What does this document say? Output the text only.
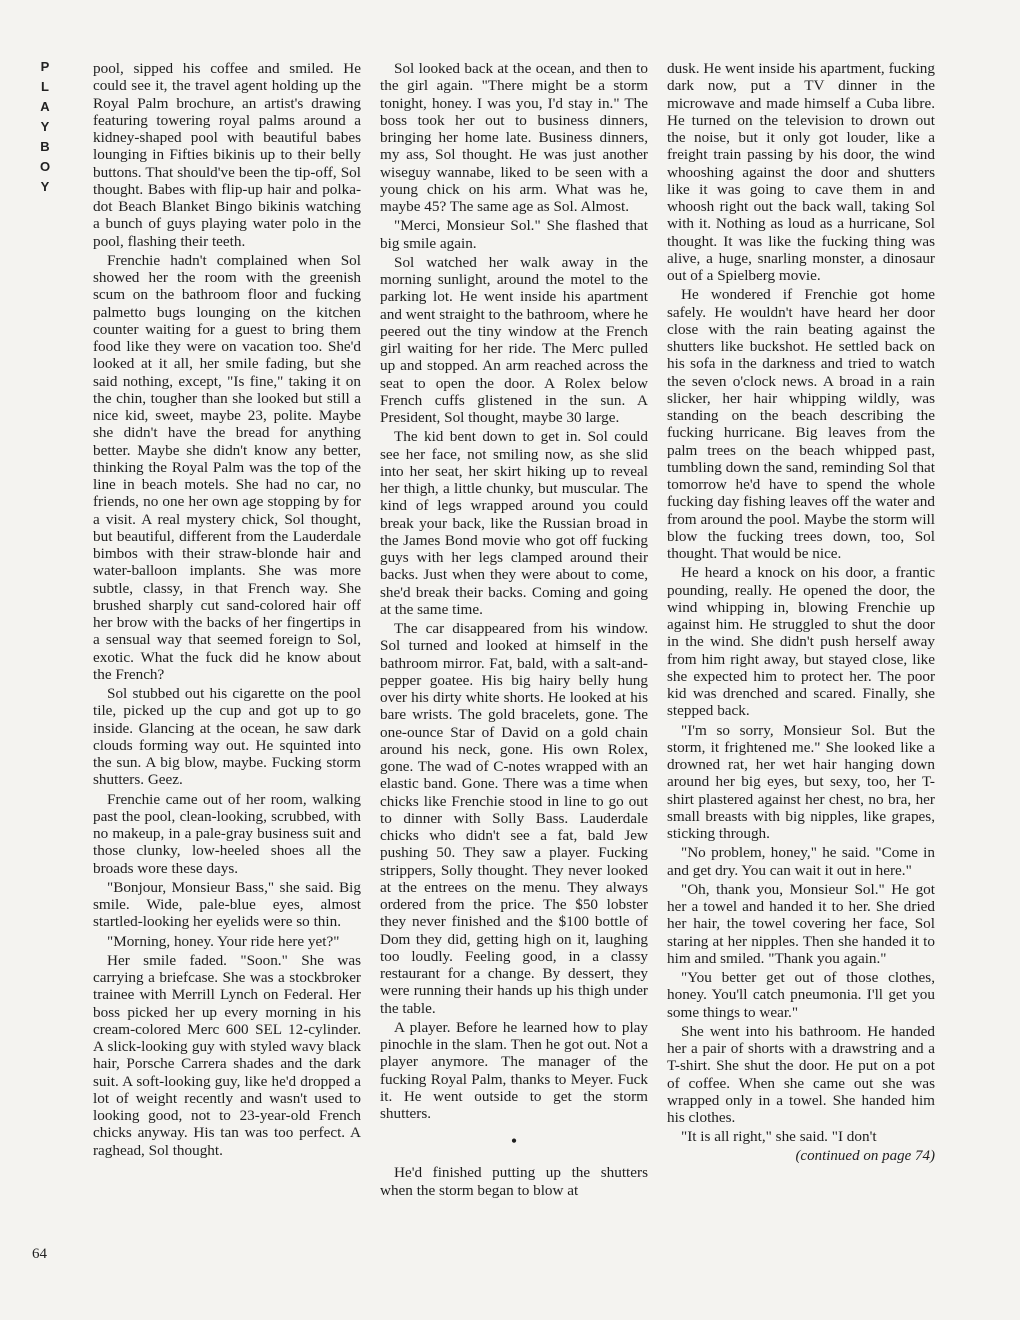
P
L
A
Y
B
O
Y
64

pool, sipped his coffee and smiled. He could see it, the travel agent holding up the Royal Palm brochure, an artist's drawing featuring towering royal palms around a kidney-shaped pool with beautiful babes lounging in Fifties bikinis up to their belly buttons. That should've been the tip-off, Sol thought. Babes with flip-up hair and polka-dot Beach Blanket Bingo bikinis watching a bunch of guys playing water polo in the pool, flashing their teeth.

Frenchie hadn't complained when Sol showed her the room with the greenish scum on the bathroom floor and fucking palmetto bugs lounging on the kitchen counter waiting for a guest to bring them food like they were on vacation too. She'd looked at it all, her smile fading, but she said nothing, except, "Is fine," taking it on the chin, tougher than she looked but still a nice kid, sweet, maybe 23, polite. Maybe she didn't have the bread for anything better. Maybe she didn't know any better, thinking the Royal Palm was the top of the line in beach motels. She had no car, no friends, no one her own age stopping by for a visit. A real mystery chick, Sol thought, but beautiful, different from the Lauderdale bimbos with their straw-blonde hair and water-balloon implants. She was more subtle, classy, in that French way. She brushed sharply cut sand-colored hair off her brow with the backs of her fingertips in a sensual way that seemed foreign to Sol, exotic. What the fuck did he know about the French?

Sol stubbed out his cigarette on the pool tile, picked up the cup and got up to go inside. Glancing at the ocean, he saw dark clouds forming way out. He squinted into the sun. A big blow, maybe. Fucking storm shutters. Geez.

Frenchie came out of her room, walking past the pool, clean-looking, scrubbed, with no makeup, in a pale-gray business suit and those clunky, low-heeled shoes all the broads wore these days.

"Bonjour, Monsieur Bass," she said. Big smile. Wide, pale-blue eyes, almost startled-looking her eyelids were so thin.

"Morning, honey. Your ride here yet?"

Her smile faded. "Soon." She was carrying a briefcase. She was a stockbroker trainee with Merrill Lynch on Federal. Her boss picked her up every morning in his cream-colored Merc 600 SEL 12-cylinder. A slick-looking guy with styled wavy black hair, Porsche Carrera shades and the dark suit. A soft-looking guy, like he'd dropped a lot of weight recently and wasn't used to looking good, not to 23-year-old French chicks anyway. His tan was too perfect. A raghead, Sol thought.

Sol looked back at the ocean, and then to the girl again. "There might be a storm tonight, honey. I was you, I'd stay in." The boss took her out to business dinners, bringing her home late. Business dinners, my ass, Sol thought. He was just another wiseguy wannabe, liked to be seen with a young chick on his arm. What was he, maybe 45? The same age as Sol. Almost.

"Merci, Monsieur Sol." She flashed that big smile again.

Sol watched her walk away in the morning sunlight, around the motel to the parking lot. He went inside his apartment and went straight to the bathroom, where he peered out the tiny window at the French girl waiting for her ride. The Merc pulled up and stopped. An arm reached across the seat to open the door. A Rolex below French cuffs glistened in the sun. A President, Sol thought, maybe 30 large.

The kid bent down to get in. Sol could see her face, not smiling now, as she slid into her seat, her skirt hiking up to reveal her thigh, a little chunky, but muscular. The kind of legs wrapped around you could break your back, like the Russian broad in the James Bond movie who got off fucking guys with her legs clamped around their backs. Just when they were about to come, she'd break their backs. Coming and going at the same time.

The car disappeared from his window. Sol turned and looked at himself in the bathroom mirror. Fat, bald, with a salt-and-pepper goatee. His big hairy belly hung over his dirty white shorts. He looked at his bare wrists. The gold bracelets, gone. The one-ounce Star of David on a gold chain around his neck, gone. His own Rolex, gone. The wad of C-notes wrapped with an elastic band. Gone. There was a time when chicks like Frenchie stood in line to go out to dinner with Solly Bass. Lauderdale chicks who didn't see a fat, bald Jew pushing 50. They saw a player. Fucking strippers, Solly thought. They never looked at the entrees on the menu. They always ordered from the price. The $50 lobster they never finished and the $100 bottle of Dom they did, getting high on it, laughing too loudly. Feeling good, in a classy restaurant for a change. By dessert, they were running their hands up his thigh under the table.

A player. Before he learned how to play pinochle in the slam. Then he got out. Not a player anymore. The manager of the fucking Royal Palm, thanks to Meyer. Fuck it. He went outside to get the storm shutters.

•

He'd finished putting up the shutters when the storm began to blow at

dusk. He went inside his apartment, fucking dark now, put a TV dinner in the microwave and made himself a Cuba libre. He turned on the television to drown out the noise, but it only got louder, like a freight train passing by his door, the wind whooshing against the door and shutters like it was going to cave them in and whoosh right out the back wall, taking Sol with it. Nothing as loud as a hurricane, Sol thought. It was like the fucking thing was alive, a huge, snarling monster, a dinosaur out of a Spielberg movie.

He wondered if Frenchie got home safely. He wouldn't have heard her door close with the rain beating against the shutters like buckshot. He settled back on his sofa in the darkness and tried to watch the seven o'clock news. A broad in a rain slicker, her hair whipping wildly, was standing on the beach describing the fucking hurricane. Big leaves from the palm trees on the beach whipped past, tumbling down the sand, reminding Sol that tomorrow he'd have to spend the whole fucking day fishing leaves off the water and from around the pool. Maybe the storm will blow the fucking trees down, too, Sol thought. That would be nice.

He heard a knock on his door, a frantic pounding, really. He opened the door, the wind whipping in, blowing Frenchie up against him. He struggled to shut the door in the wind. She didn't push herself away from him right away, but stayed close, like she expected him to protect her. The poor kid was drenched and scared. Finally, she stepped back.

"I'm so sorry, Monsieur Sol. But the storm, it frightened me." She looked like a drowned rat, her wet hair hanging down around her big eyes, but sexy, too, her T-shirt plastered against her chest, no bra, her small breasts with big nipples, like grapes, sticking through.

"No problem, honey," he said. "Come in and get dry. You can wait it out in here."

"Oh, thank you, Monsieur Sol." He got her a towel and handed it to her. She dried her hair, the towel covering her face, Sol staring at her nipples. Then she handed it to him and smiled. "Thank you again."

"You better get out of those clothes, honey. You'll catch pneumonia. I'll get you some things to wear."

She went into his bathroom. He handed her a pair of shorts with a drawstring and a T-shirt. She shut the door. He put on a pot of coffee. When she came out she was wrapped only in a towel. She handed him his clothes.

"It is all right," she said. "I don't

(continued on page 74)
